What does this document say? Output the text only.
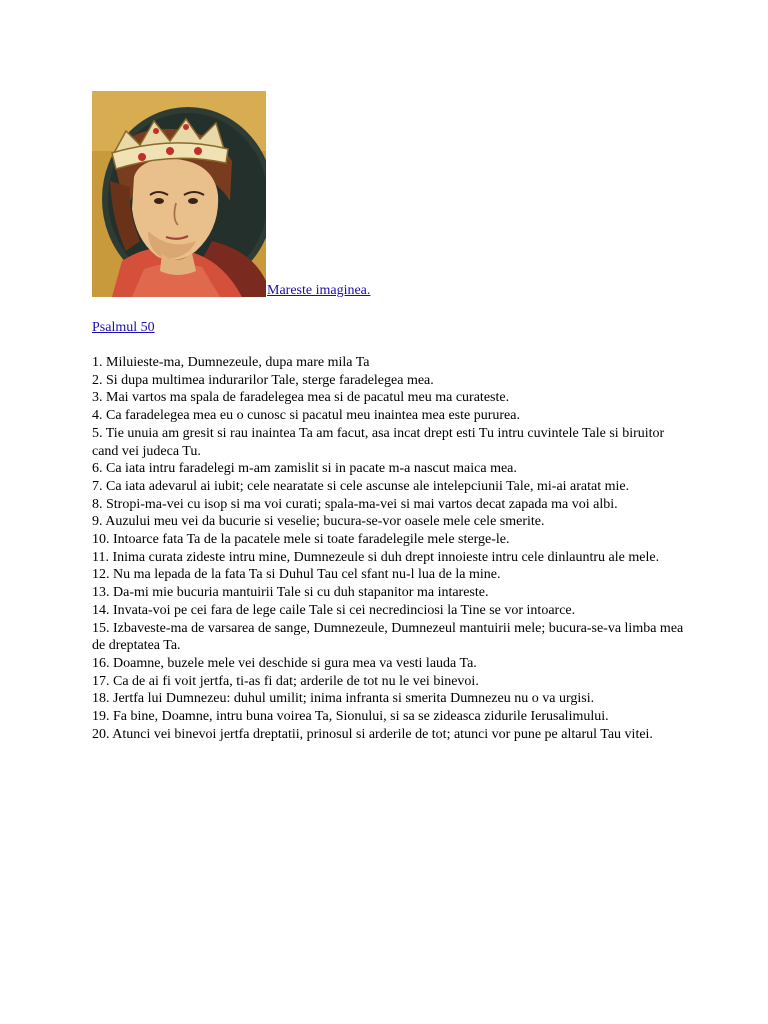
Mareste imaginea.
Psalmul 50
1. Miluieste-ma, Dumnezeule, dupa mare mila Ta
2. Si dupa multimea indurarilor Tale, sterge faradelegea mea.
3. Mai vartos ma spala de faradelegea mea si de pacatul meu ma curateste.
4. Ca faradelegea mea eu o cunosc si pacatul meu inaintea mea este pururea.
5. Tie unuia am gresit si rau inaintea Ta am facut, asa incat drept esti Tu intru cuvintele Tale si biruitor cand vei judeca Tu.
6. Ca iata intru faradelegi m-am zamislit si in pacate m-a nascut maica mea.
7. Ca iata adevarul ai iubit; cele nearatate si cele ascunse ale intelepciunii Tale, mi-ai aratat mie.
8. Stropi-ma-vei cu isop si ma voi curati; spala-ma-vei si mai vartos decat zapada ma voi albi.
9. Auzului meu vei da bucurie si veselie; bucura-se-vor oasele mele cele smerite.
10. Intoarce fata Ta de la pacatele mele si toate faradelegile mele sterge-le.
11. Inima curata zideste intru mine, Dumnezeule si duh drept innoieste intru cele dinlauntru ale mele.
12. Nu ma lepada de la fata Ta si Duhul Tau cel sfant nu-l lua de la mine.
13. Da-mi mie bucuria mantuirii Tale si cu duh stapanitor ma intareste.
14. Invata-voi pe cei fara de lege caile Tale si cei necredinciosi la Tine se vor intoarce.
15. Izbaveste-ma de varsarea de sange, Dumnezeule, Dumnezeul mantuirii mele; bucura-se-va limba mea de dreptatea Ta.
16. Doamne, buzele mele vei deschide si gura mea va vesti lauda Ta.
17. Ca de ai fi voit jertfa, ti-as fi dat; arderile de tot nu le vei binevoi.
18. Jertfa lui Dumnezeu: duhul umilit; inima infranta si smerita Dumnezeu nu o va urgisi.
19. Fa bine, Doamne, intru buna voirea Ta, Sionului, si sa se zideasca zidurile Ierusalimului.
20. Atunci vei binevoi jertfa dreptatii, prinosul si arderile de tot; atunci vor pune pe altarul Tau vitei.
